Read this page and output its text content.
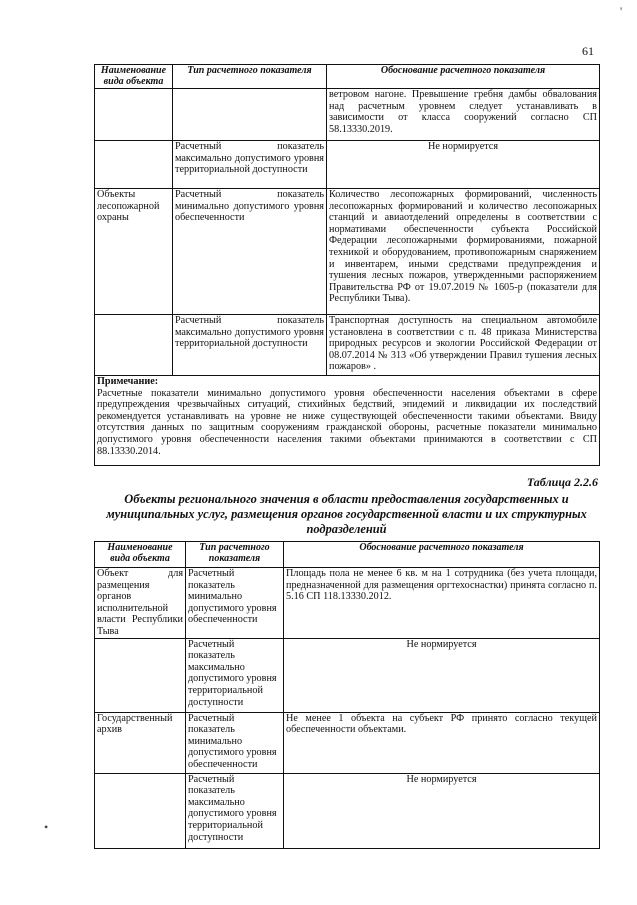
61
Наименование вида объекта	Тип расчетного показателя	Обоснование расчетного показателя
		ветровом нагоне. Превышение гребня дамбы обвалования над расчетным уровнем следует устанавливать в зависимости от класса сооружений согласно СП 58.13330.2019.
	Расчетный показатель максимально допустимого уровня территориальной доступности	Не нормируется
Объекты лесопожарной охраны	Расчетный показатель минимально допустимого уровня обеспеченности	Количество лесопожарных формирований, численность лесопожарных формирований и количество лесопожарных станций и авиаотделений определены в соответствии с нормативами обеспеченности субъекта Российской Федерации лесопожарными формированиями, пожарной техникой и оборудованием, противопожарным снаряжением и инвентарем, иными средствами предупреждения и тушения лесных пожаров, утвержденными распоряжением Правительства РФ от 19.07.2019 № 1605-р (показатели для Республики Тыва).
	Расчетный показатель максимально допустимого уровня территориальной доступности	Транспортная доступность на специальном автомобиле установлена в соответствии с п. 48 приказа Министерства природных ресурсов и экологии Российской Федерации от 08.07.2014 № 313 «Об утверждении Правил тушения лесных пожаров» .

Примечание:
Расчетные показатели минимально допустимого уровня обеспеченности населения объектами в сфере предупреждения чрезвычайных ситуаций, стихийных бедствий, эпидемий и ликвидации их последствий рекомендуется устанавливать на уровне не ниже существующей обеспеченности такими объектами. Ввиду отсутствия данных по защитным сооружениям гражданской обороны, расчетные показатели минимально допустимого уровня обеспеченности населения такими объектами принимаются в соответствии с СП 88.13330.2014.		
Таблица 2.2.6
Объекты регионального значения в области предоставления государственных и муниципальных услуг, размещения органов государственной власти и их структурных подразделений
Наименование вида объекта	Тип расчетного показателя	Обоснование расчетного показателя
Объект для размещения органов исполнительной власти Республики Тыва	Расчетный показатель минимально допустимого уровня обеспеченности	Площадь пола не менее 6 кв. м на 1 сотрудника (без учета площади, предназначенной для размещения оргтехоснастки) принята согласно п. 5.16 СП 118.13330.2012.
	Расчетный показатель максимально допустимого уровня территориальной доступности	Не нормируется
Государственный архив	Расчетный показатель минимально допустимого уровня обеспеченности	Не менее 1 объекта на субъект РФ принято согласно текущей обеспеченности объектами.
	Расчетный показатель максимально допустимого уровня территориальной доступности	Не нормируется
'
•
